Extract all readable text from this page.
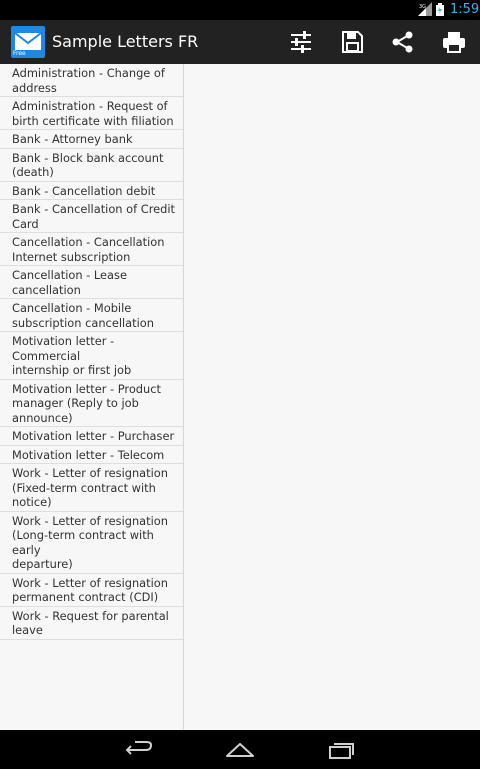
3G 1:59
Free
Sample Letters FR
Administration - Change of
address
Administration - Request of
birth certificate with filiation
Bank - Attorney bank
Bank - Block bank account
(death)
Bank - Cancellation debit
Bank - Cancellation of Credit
Card
Cancellation - Cancellation
Internet subscription
Cancellation - Lease
cancellation
Cancellation - Mobile
subscription cancellation
Motivation letter - Commercial
internship or first job
Motivation letter - Product
manager (Reply to job
announce)
Motivation letter - Purchaser
Motivation letter - Telecom
Work - Letter of resignation
(Fixed-term contract with
notice)
Work - Letter of resignation
(Long-term contract with early
departure)
Work - Letter of resignation
permanent contract (CDI)
Work - Request for parental
leave
